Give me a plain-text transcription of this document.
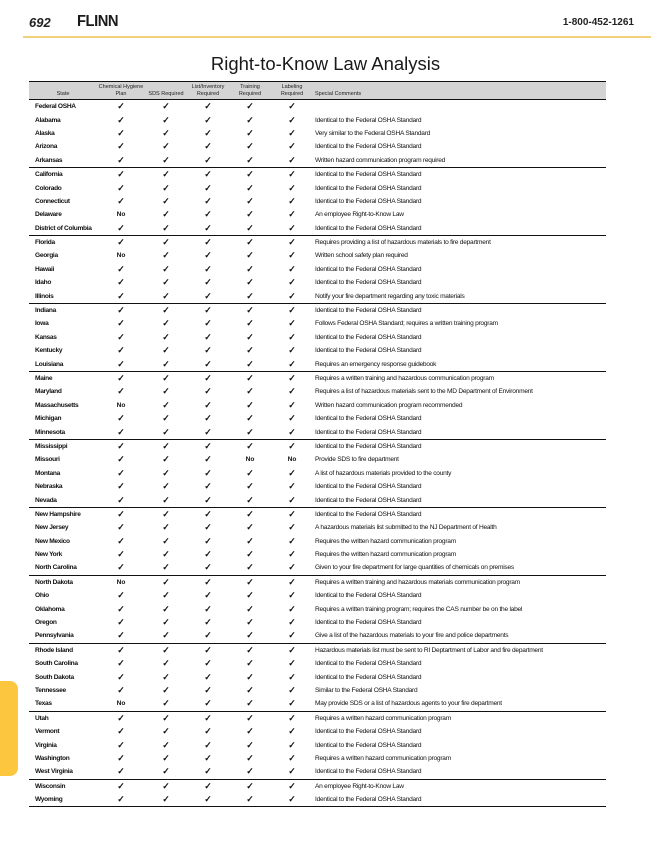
692 FLINN	1-800-452-1261
Right-to-Know Law Analysis
State	Chemical Hygiene Plan	SDS Required	List/Inventory Required	Training Required	Labeling Required	Special Comments
Federal OSHA	✓	✓	✓	✓	✓	
Alabama	✓	✓	✓	✓	✓	Identical to the Federal OSHA Standard
Alaska	✓	✓	✓	✓	✓	Very similar to the Federal OSHA Standard
Arizona	✓	✓	✓	✓	✓	Identical to the Federal OSHA Standard
Arkansas	✓	✓	✓	✓	✓	Written hazard communication program required
California	✓	✓	✓	✓	✓	Identical to the Federal OSHA Standard
Colorado	✓	✓	✓	✓	✓	Identical to the Federal OSHA Standard
Connecticut	✓	✓	✓	✓	✓	Identical to the Federal OSHA Standard
Delaware	No	✓	✓	✓	✓	An employee Right-to-Know Law
District of Columbia	✓	✓	✓	✓	✓	Identical to the Federal OSHA Standard
Florida	✓	✓	✓	✓	✓	Requires providing a list of hazardous materials to fire department
Georgia	No	✓	✓	✓	✓	Written school safety plan required
Hawaii	✓	✓	✓	✓	✓	Identical to the Federal OSHA Standard
Idaho	✓	✓	✓	✓	✓	Identical to the Federal OSHA Standard
Illinois	✓	✓	✓	✓	✓	Notify your fire department regarding any toxic materials
Indiana	✓	✓	✓	✓	✓	Identical to the Federal OSHA Standard
Iowa	✓	✓	✓	✓	✓	Follows Federal OSHA Standard; requires a written training program
Kansas	✓	✓	✓	✓	✓	Identical to the Federal OSHA Standard
Kentucky	✓	✓	✓	✓	✓	Identical to the Federal OSHA Standard
Louisiana	✓	✓	✓	✓	✓	Requires an emergency response guidebook
Maine	✓	✓	✓	✓	✓	Requires a written training and hazardous communication program
Maryland	✓	✓	✓	✓	✓	Requires a list of hazardous materials sent to the MD Department of Environment
Massachusetts	No	✓	✓	✓	✓	Written hazard communication program recommended
Michigan	✓	✓	✓	✓	✓	Identical to the Federal OSHA Standard
Minnesota	✓	✓	✓	✓	✓	Identical to the Federal OSHA Standard
Mississippi	✓	✓	✓	✓	✓	Identical to the Federal OSHA Standard
Missouri	✓	✓	✓	No	No	Provide SDS to fire department
Montana	✓	✓	✓	✓	✓	A list of hazardous materials provided to the county
Nebraska	✓	✓	✓	✓	✓	Identical to the Federal OSHA Standard
Nevada	✓	✓	✓	✓	✓	Identical to the Federal OSHA Standard
New Hampshire	✓	✓	✓	✓	✓	Identical to the Federal OSHA Standard
New Jersey	✓	✓	✓	✓	✓	A hazardous materials list submitted to the NJ Department of Health
New Mexico	✓	✓	✓	✓	✓	Requires the written hazard communication program
New York	✓	✓	✓	✓	✓	Requires the written hazard communication program
North Carolina	✓	✓	✓	✓	✓	Given to your fire department for large quantities of chemicals on premises
North Dakota	No	✓	✓	✓	✓	Requires a written training and hazardous materials communication program
Ohio	✓	✓	✓	✓	✓	Identical to the Federal OSHA Standard
Oklahoma	✓	✓	✓	✓	✓	Requires a written training program; requires the CAS number be on the label
Oregon	✓	✓	✓	✓	✓	Identical to the Federal OSHA Standard
Pennsylvania	✓	✓	✓	✓	✓	Give a list of the hazardous materials to your fire and police departments
Rhode Island	✓	✓	✓	✓	✓	Hazardous materials list must be sent to RI Deptartment of Labor and fire department
South Carolina	✓	✓	✓	✓	✓	Identical to the Federal OSHA Standard
South Dakota	✓	✓	✓	✓	✓	Identical to the Federal OSHA Standard
Tennessee	✓	✓	✓	✓	✓	Similar to the Federal OSHA Standard
Texas	No	✓	✓	✓	✓	May provide SDS or a list of hazardous agents to your fire department
Utah	✓	✓	✓	✓	✓	Requires a written hazard communication program
Vermont	✓	✓	✓	✓	✓	Identical to the Federal OSHA Standard
Virginia	✓	✓	✓	✓	✓	Identical to the Federal OSHA Standard
Washington	✓	✓	✓	✓	✓	Requires a written hazard communication program
West Virginia	✓	✓	✓	✓	✓	Identical to the Federal OSHA Standard
Wisconsin	✓	✓	✓	✓	✓	An employee Right-to-Know Law
Wyoming	✓	✓	✓	✓	✓	Identical to the Federal OSHA Standard
